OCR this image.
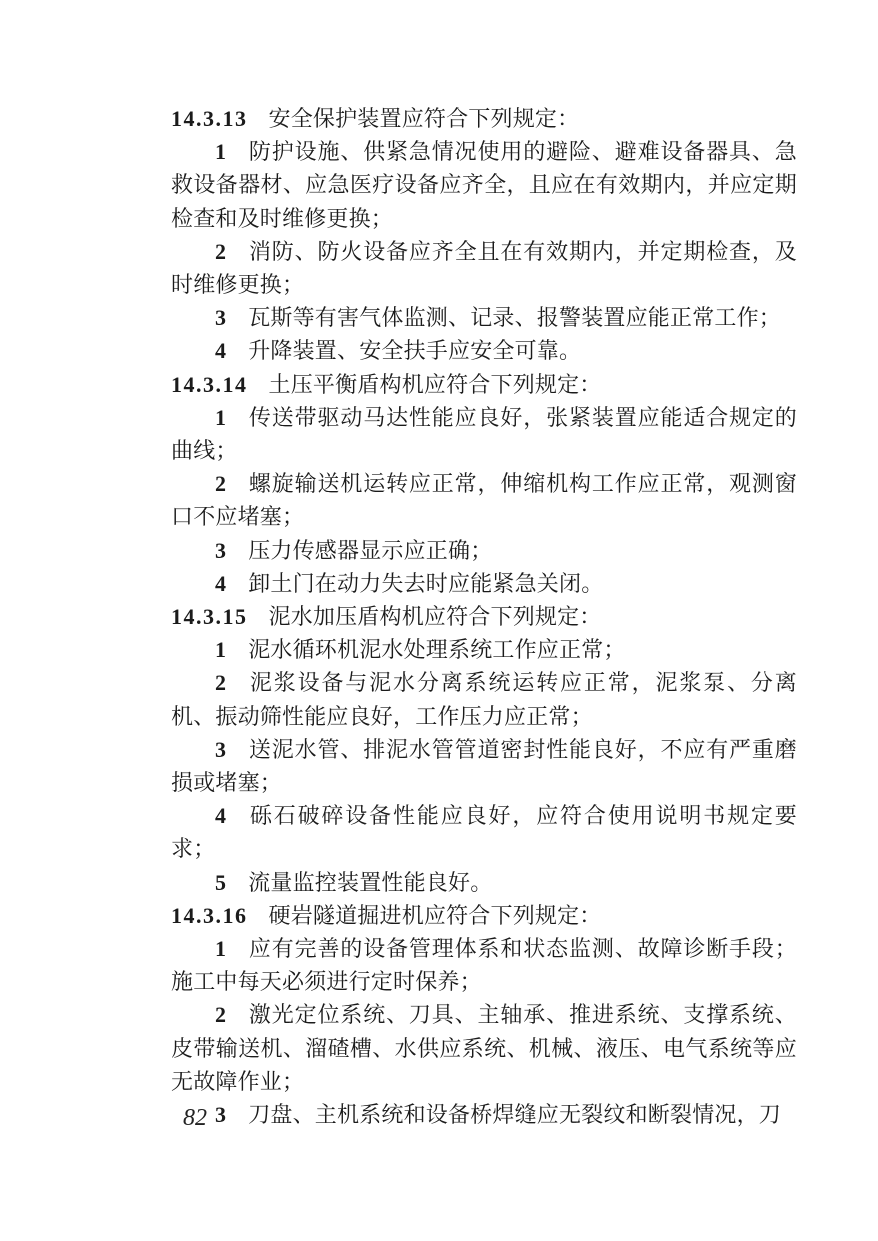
14.3.13 安全保护装置应符合下列规定：

1 防护设施、供紧急情况使用的避险、避难设备器具、急救设备器材、应急医疗设备应齐全，且应在有效期内，并应定期检查和及时维修更换；

2 消防、防火设备应齐全且在有效期内，并定期检查，及时维修更换；

3 瓦斯等有害气体监测、记录、报警装置应能正常工作；

4 升降装置、安全扶手应安全可靠。

14.3.14 土压平衡盾构机应符合下列规定：

1 传送带驱动马达性能应良好，张紧装置应能适合规定的曲线；

2 螺旋输送机运转应正常，伸缩机构工作应正常，观测窗口不应堵塞；

3 压力传感器显示应正确；

4 卸土门在动力失去时应能紧急关闭。

14.3.15 泥水加压盾构机应符合下列规定：

1 泥水循环机泥水处理系统工作应正常；

2 泥浆设备与泥水分离系统运转应正常，泥浆泵、分离机、振动筛性能应良好，工作压力应正常；

3 送泥水管、排泥水管管道密封性能良好，不应有严重磨损或堵塞；

4 砾石破碎设备性能应良好，应符合使用说明书规定要求；

5 流量监控装置性能良好。

14.3.16 硬岩隧道掘进机应符合下列规定：

1 应有完善的设备管理体系和状态监测、故障诊断手段；施工中每天必须进行定时保养；

2 激光定位系统、刀具、主轴承、推进系统、支撑系统、皮带输送机、溜碴槽、水供应系统、机械、液压、电气系统等应无故障作业；

3 刀盘、主机系统和设备桥焊缝应无裂纹和断裂情况，刀

82
